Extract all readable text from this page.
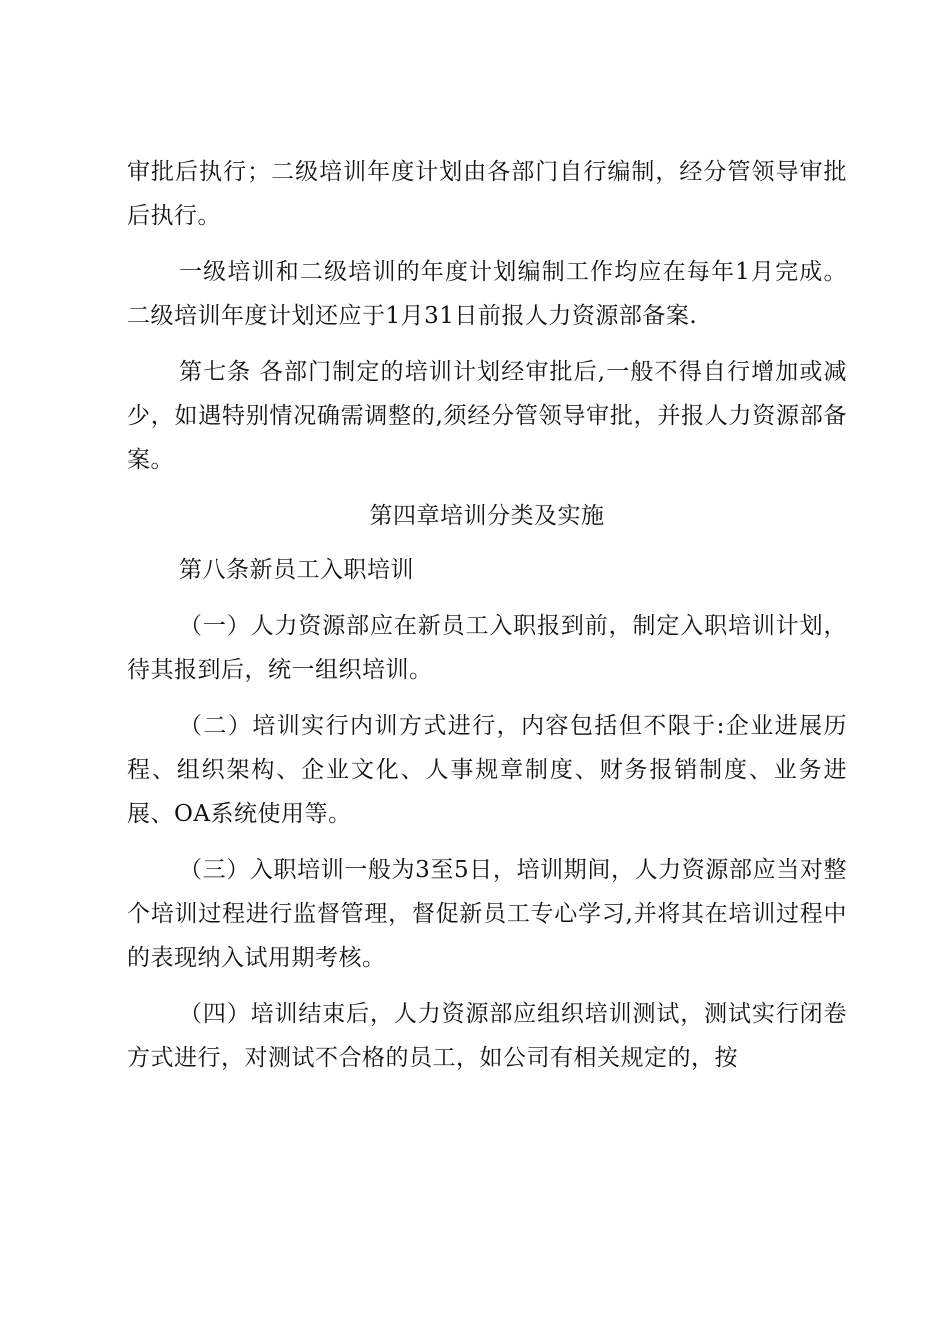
审批后执行；二级培训年度计划由各部门自行编制，经分管领导审批后执行。

一级培训和二级培训的年度计划编制工作均应在每年1月完成。二级培训年度计划还应于1月31日前报人力资源部备案.

第七条 各部门制定的培训计划经审批后,一般不得自行增加或减少，如遇特别情况确需调整的,须经分管领导审批，并报人力资源部备案。

第四章培训分类及实施

第八条新员工入职培训

（一）人力资源部应在新员工入职报到前，制定入职培训计划，待其报到后，统一组织培训。

（二）培训实行内训方式进行，内容包括但不限于:企业进展历程、组织架构、企业文化、人事规章制度、财务报销制度、业务进展、OA系统使用等。

（三）入职培训一般为3至5日，培训期间，人力资源部应当对整个培训过程进行监督管理，督促新员工专心学习,并将其在培训过程中的表现纳入试用期考核。

（四）培训结束后，人力资源部应组织培训测试，测试实行闭卷方式进行，对测试不合格的员工，如公司有相关规定的，按
